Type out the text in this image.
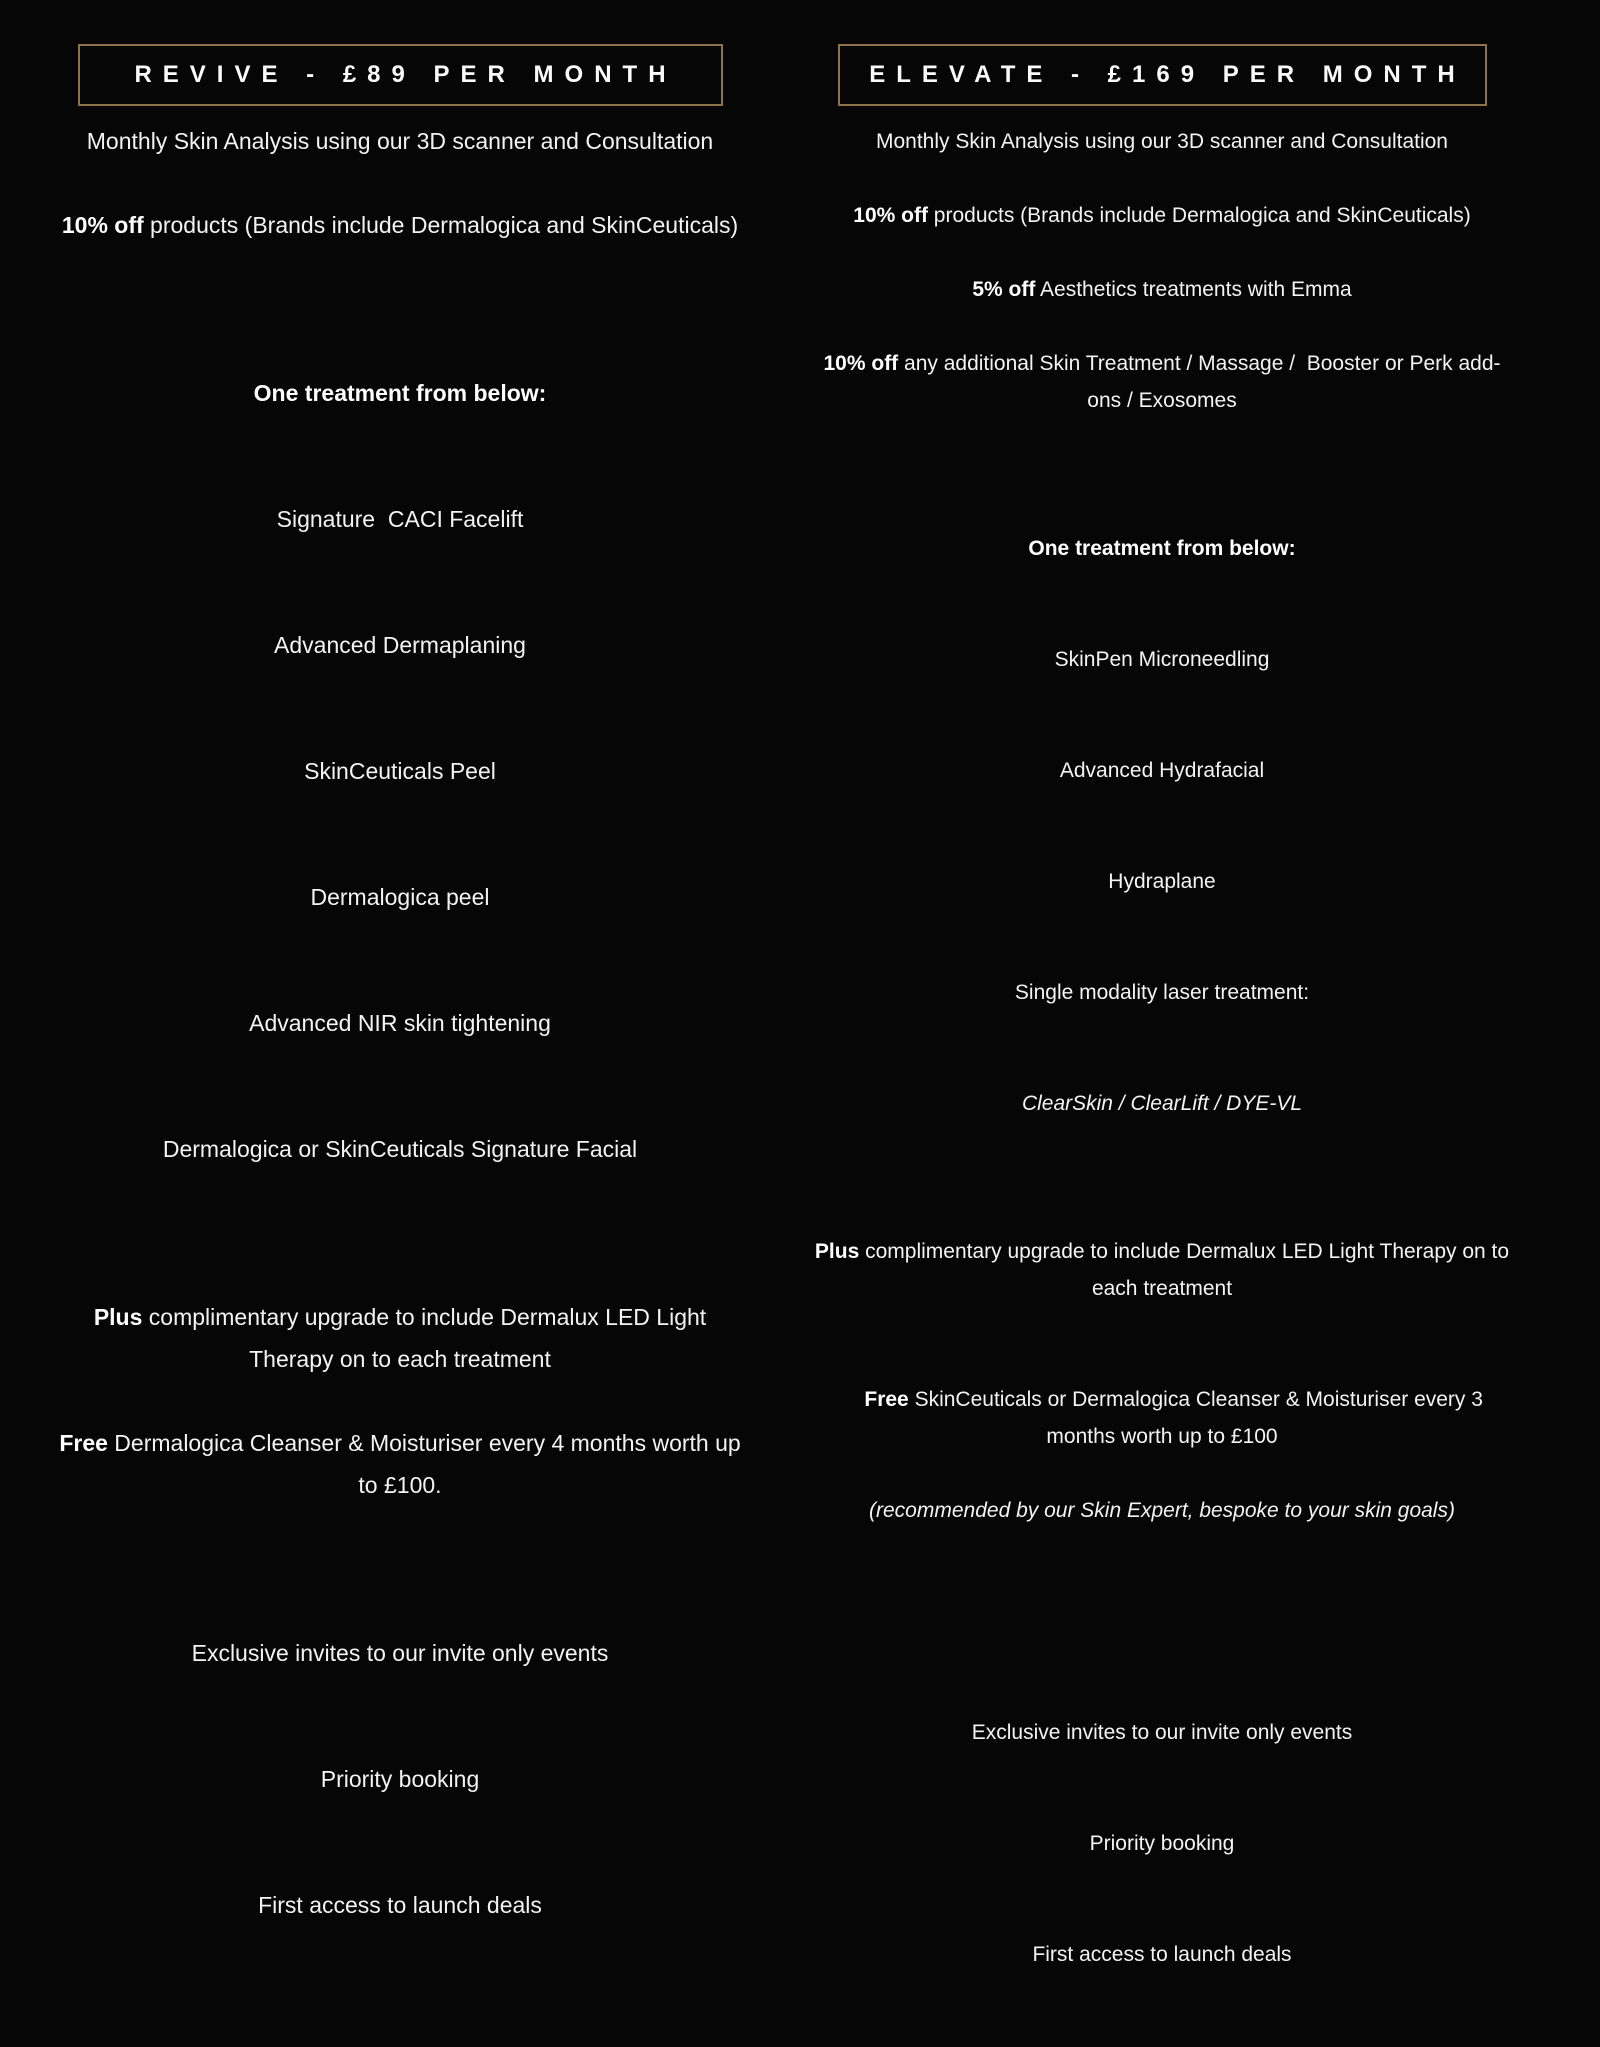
REVIVE - £89 PER MONTH

Monthly Skin Analysis using our 3D scanner and Consultation

10% off products (Brands include Dermalogica and SkinCeuticals)

One treatment from below:

Signature  CACI Facelift

Advanced Dermaplaning

SkinCeuticals Peel

Dermalogica peel

Advanced NIR skin tightening

Dermalogica or SkinCeuticals Signature Facial

Plus complimentary upgrade to include Dermalux LED Light Therapy on to each treatment

Free Dermalogica Cleanser & Moisturiser every 4 months worth up to £100.

Exclusive invites to our invite only events

Priority booking

First access to launch deals

ELEVATE - £169 PER MONTH

Monthly Skin Analysis using our 3D scanner and Consultation

10% off products (Brands include Dermalogica and SkinCeuticals)

5% off Aesthetics treatments with Emma

10% off any additional Skin Treatment / Massage /  Booster or Perk add-ons / Exosomes

One treatment from below:

SkinPen Microneedling

Advanced Hydrafacial

Hydraplane

Single modality laser treatment:

ClearSkin / ClearLift / DYE-VL

Plus complimentary upgrade to include Dermalux LED Light Therapy on to each treatment

Free SkinCeuticals or Dermalogica Cleanser & Moisturiser every 3 months worth up to £100

(recommended by our Skin Expert, bespoke to your skin goals)

Exclusive invites to our invite only events

Priority booking

First access to launch deals
